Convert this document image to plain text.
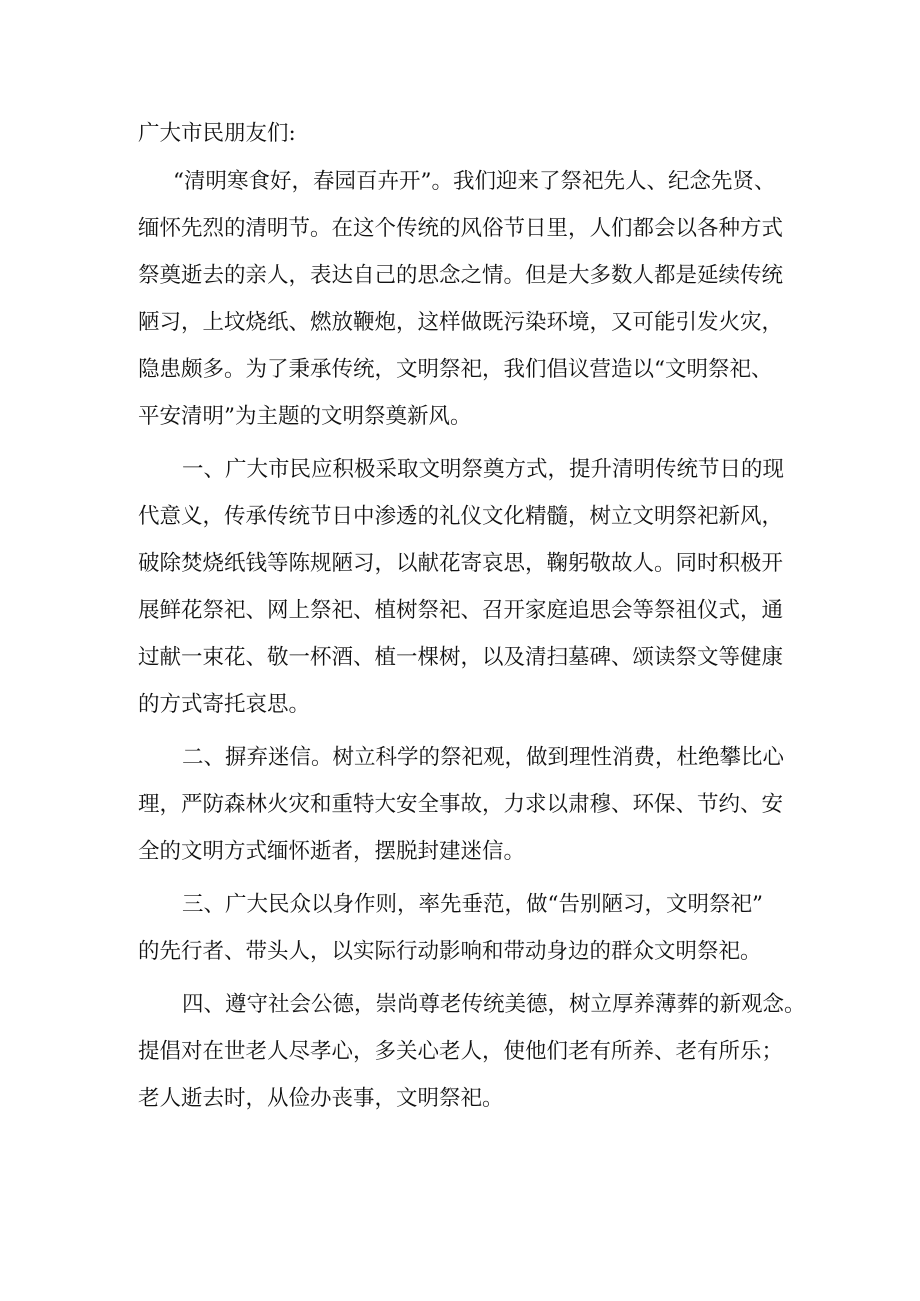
广大市民朋友们:
“清明寒食好，春园百卉开”。我们迎来了祭祀先人、纪念先贤、
缅怀先烈的清明节。在这个传统的风俗节日里，人们都会以各种方式
祭奠逝去的亲人，表达自己的思念之情。但是大多数人都是延续传统
陋习，上坟烧纸、燃放鞭炮，这样做既污染环境，又可能引发火灾，
隐患颇多。为了秉承传统，文明祭祀，我们倡议营造以“文明祭祀、
平安清明”为主题的文明祭奠新风。
一、广大市民应积极采取文明祭奠方式，提升清明传统节日的现
代意义，传承传统节日中渗透的礼仪文化精髓，树立文明祭祀新风，
破除焚烧纸钱等陈规陋习，以献花寄哀思，鞠躬敬故人。同时积极开
展鲜花祭祀、网上祭祀、植树祭祀、召开家庭追思会等祭祖仪式，通
过献一束花、敬一杯酒、植一棵树，以及清扫墓碑、颂读祭文等健康
的方式寄托哀思。
二、摒弃迷信。树立科学的祭祀观，做到理性消费，杜绝攀比心
理，严防森林火灾和重特大安全事故，力求以肃穆、环保、节约、安
全的文明方式缅怀逝者，摆脱封建迷信。
三、广大民众以身作则，率先垂范，做“告别陋习，文明祭祀”
的先行者、带头人，以实际行动影响和带动身边的群众文明祭祀。
四、遵守社会公德，崇尚尊老传统美德，树立厚养薄葬的新观念。
提倡对在世老人尽孝心，多关心老人，使他们老有所养、老有所乐；
老人逝去时，从俭办丧事，文明祭祀。
